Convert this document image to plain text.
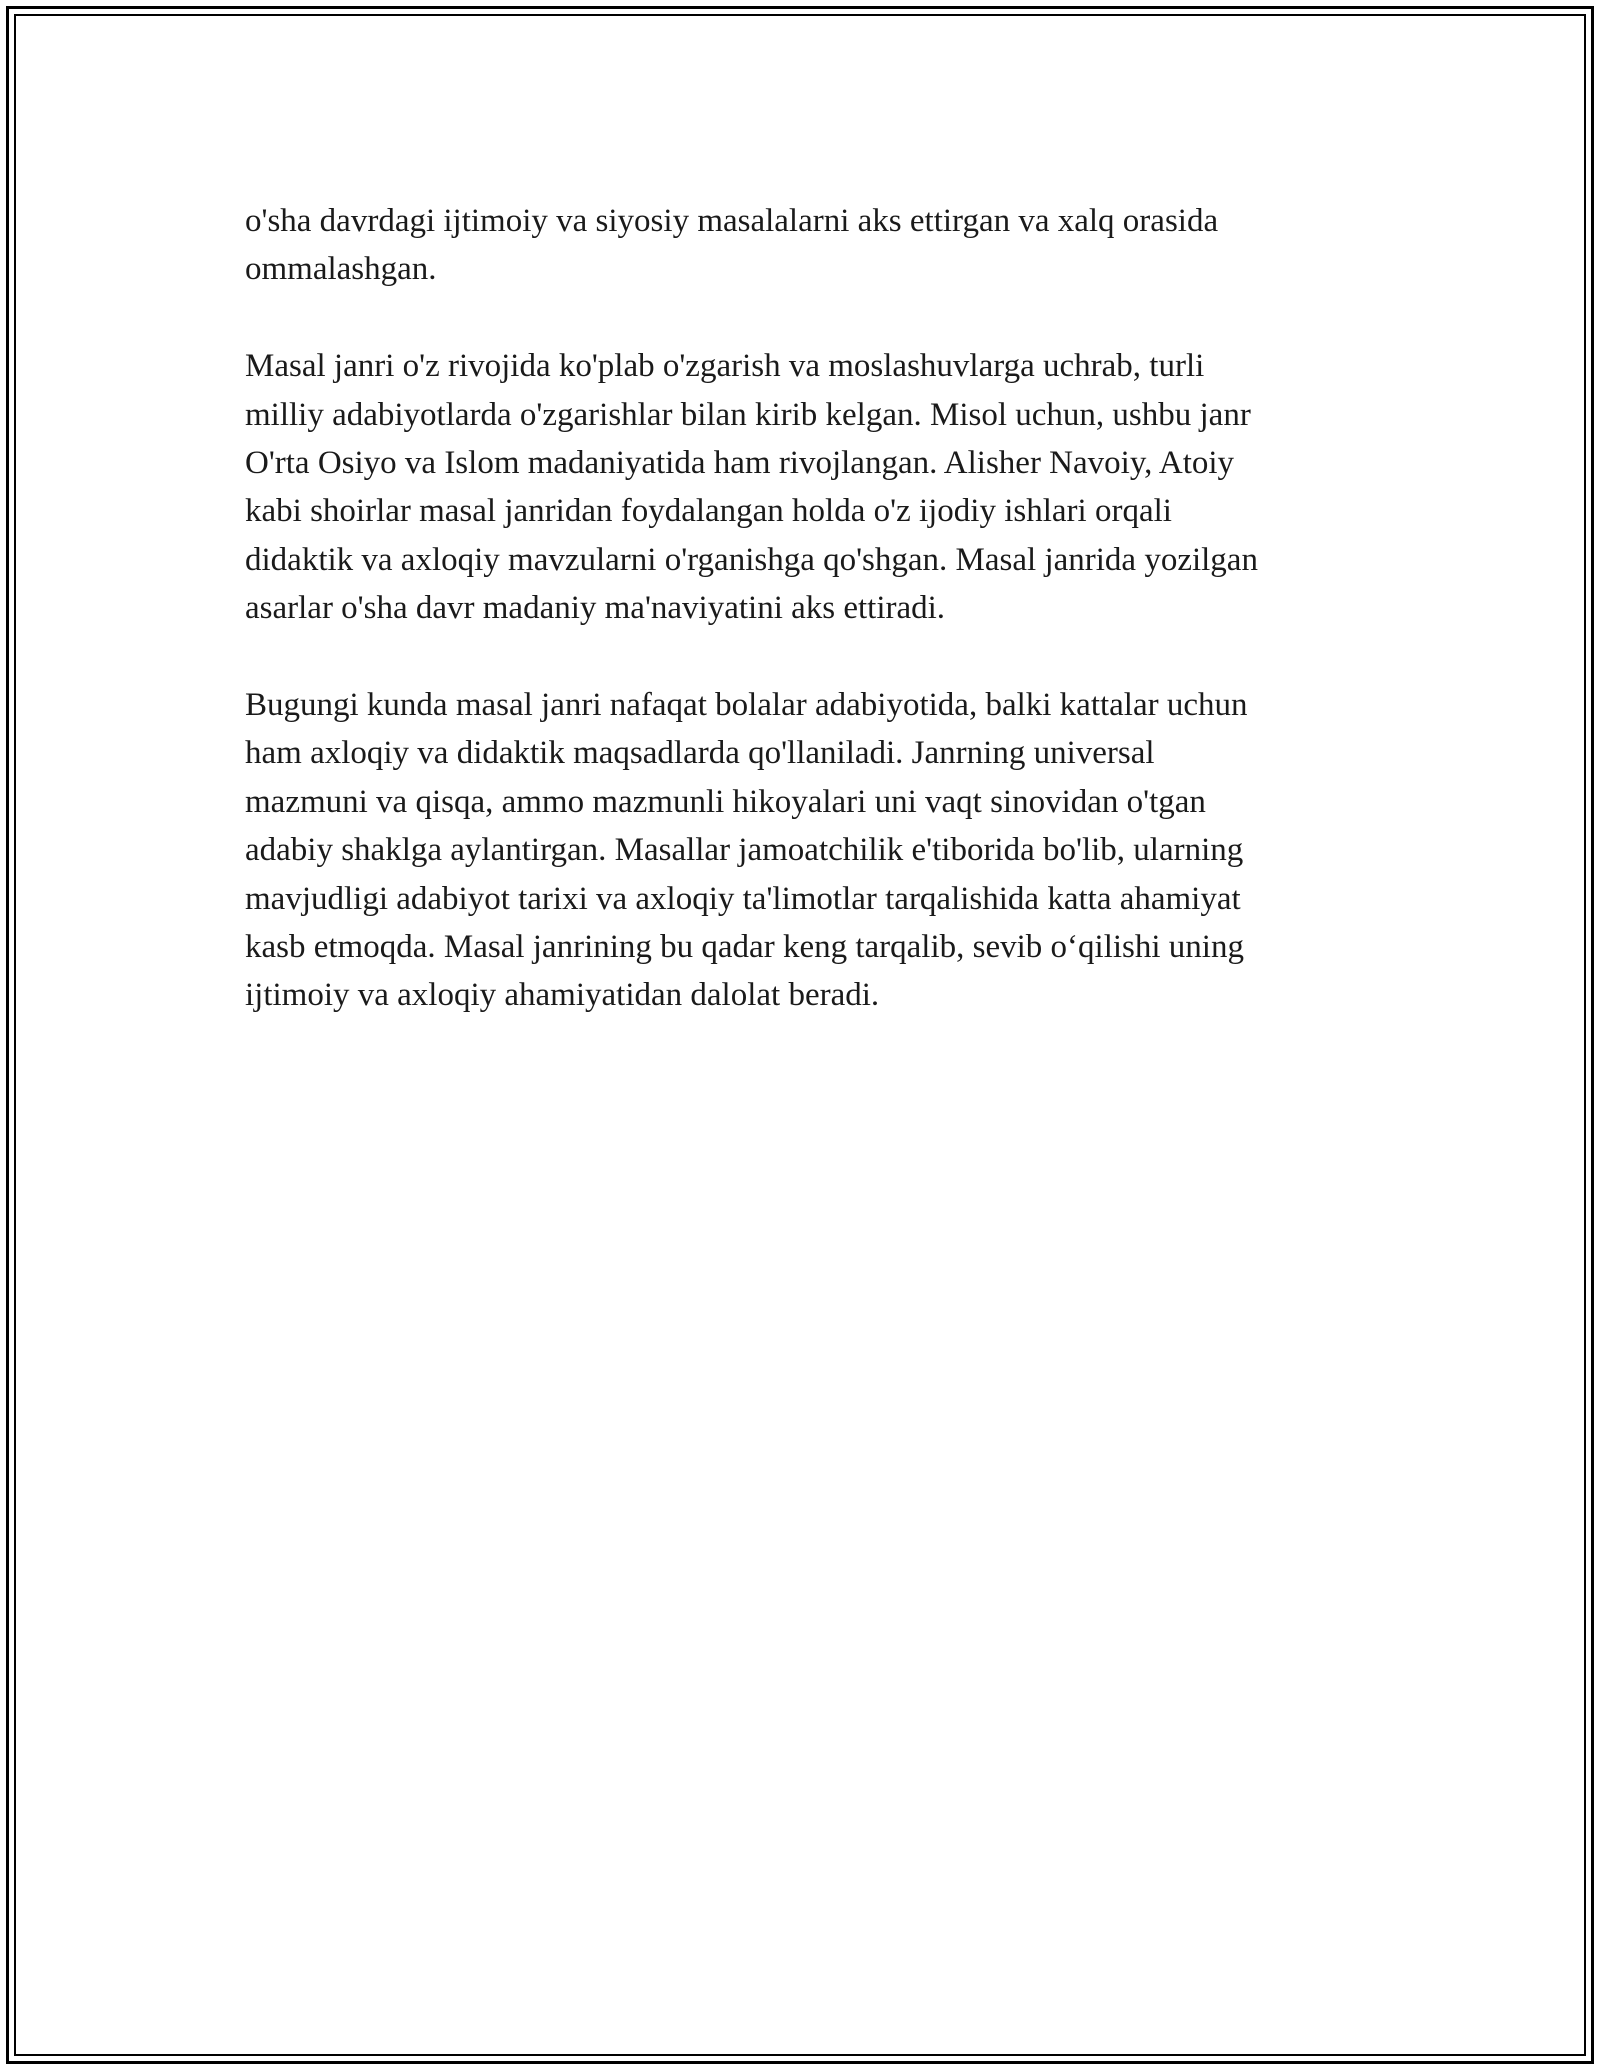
o'sha davrdagi ijtimoiy va siyosiy masalalarni aks ettirgan va xalq orasida
ommalashgan.

Masal janri o'z rivojida ko'plab o'zgarish va moslashuvlarga uchrab, turli
milliy adabiyotlarda o'zgarishlar bilan kirib kelgan. Misol uchun, ushbu janr
O'rta Osiyo va Islom madaniyatida ham rivojlangan. Alisher Navoiy, Atoiy
kabi shoirlar masal janridan foydalangan holda o'z ijodiy ishlari orqali
didaktik va axloqiy mavzularni o'rganishga qo'shgan. Masal janrida yozilgan
asarlar o'sha davr madaniy ma'naviyatini aks ettiradi.

Bugungi kunda masal janri nafaqat bolalar adabiyotida, balki kattalar uchun
ham axloqiy va didaktik maqsadlarda qo'llaniladi. Janrning universal
mazmuni va qisqa, ammo mazmunli hikoyalari uni vaqt sinovidan o'tgan
adabiy shaklga aylantirgan. Masallar jamoatchilik e'tiborida bo'lib, ularning
mavjudligi adabiyot tarixi va axloqiy ta'limotlar tarqalishida katta ahamiyat
kasb etmoqda. Masal janrining bu qadar keng tarqalib, sevib o‘qilishi uning
ijtimoiy va axloqiy ahamiyatidan dalolat beradi.
